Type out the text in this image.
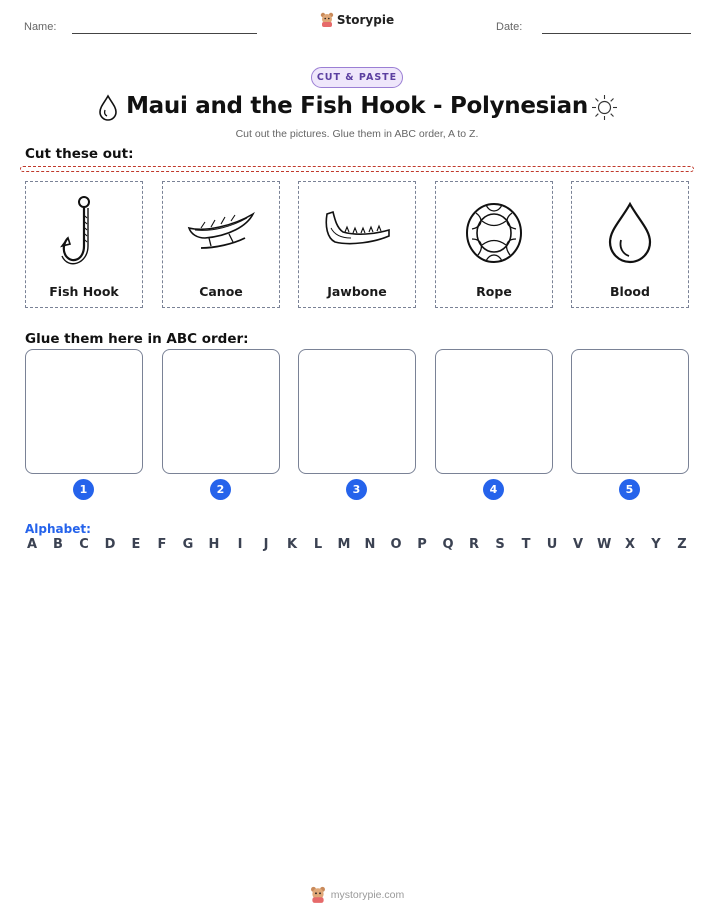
Name:	Storypie	Date:
CUT & PASTE
Maui and the Fish Hook - Polynesian
Cut out the pictures. Glue them in ABC order, A to Z.
Cut these out:
Fish Hook	Canoe	Jawbone	Rope	Blood
Glue them here in ABC order:
1	2	3	4	5
Alphabet:
A B C D E F G H	I	J	K L M N O P Q R S T U V W X Y Z
mystorypie.com
